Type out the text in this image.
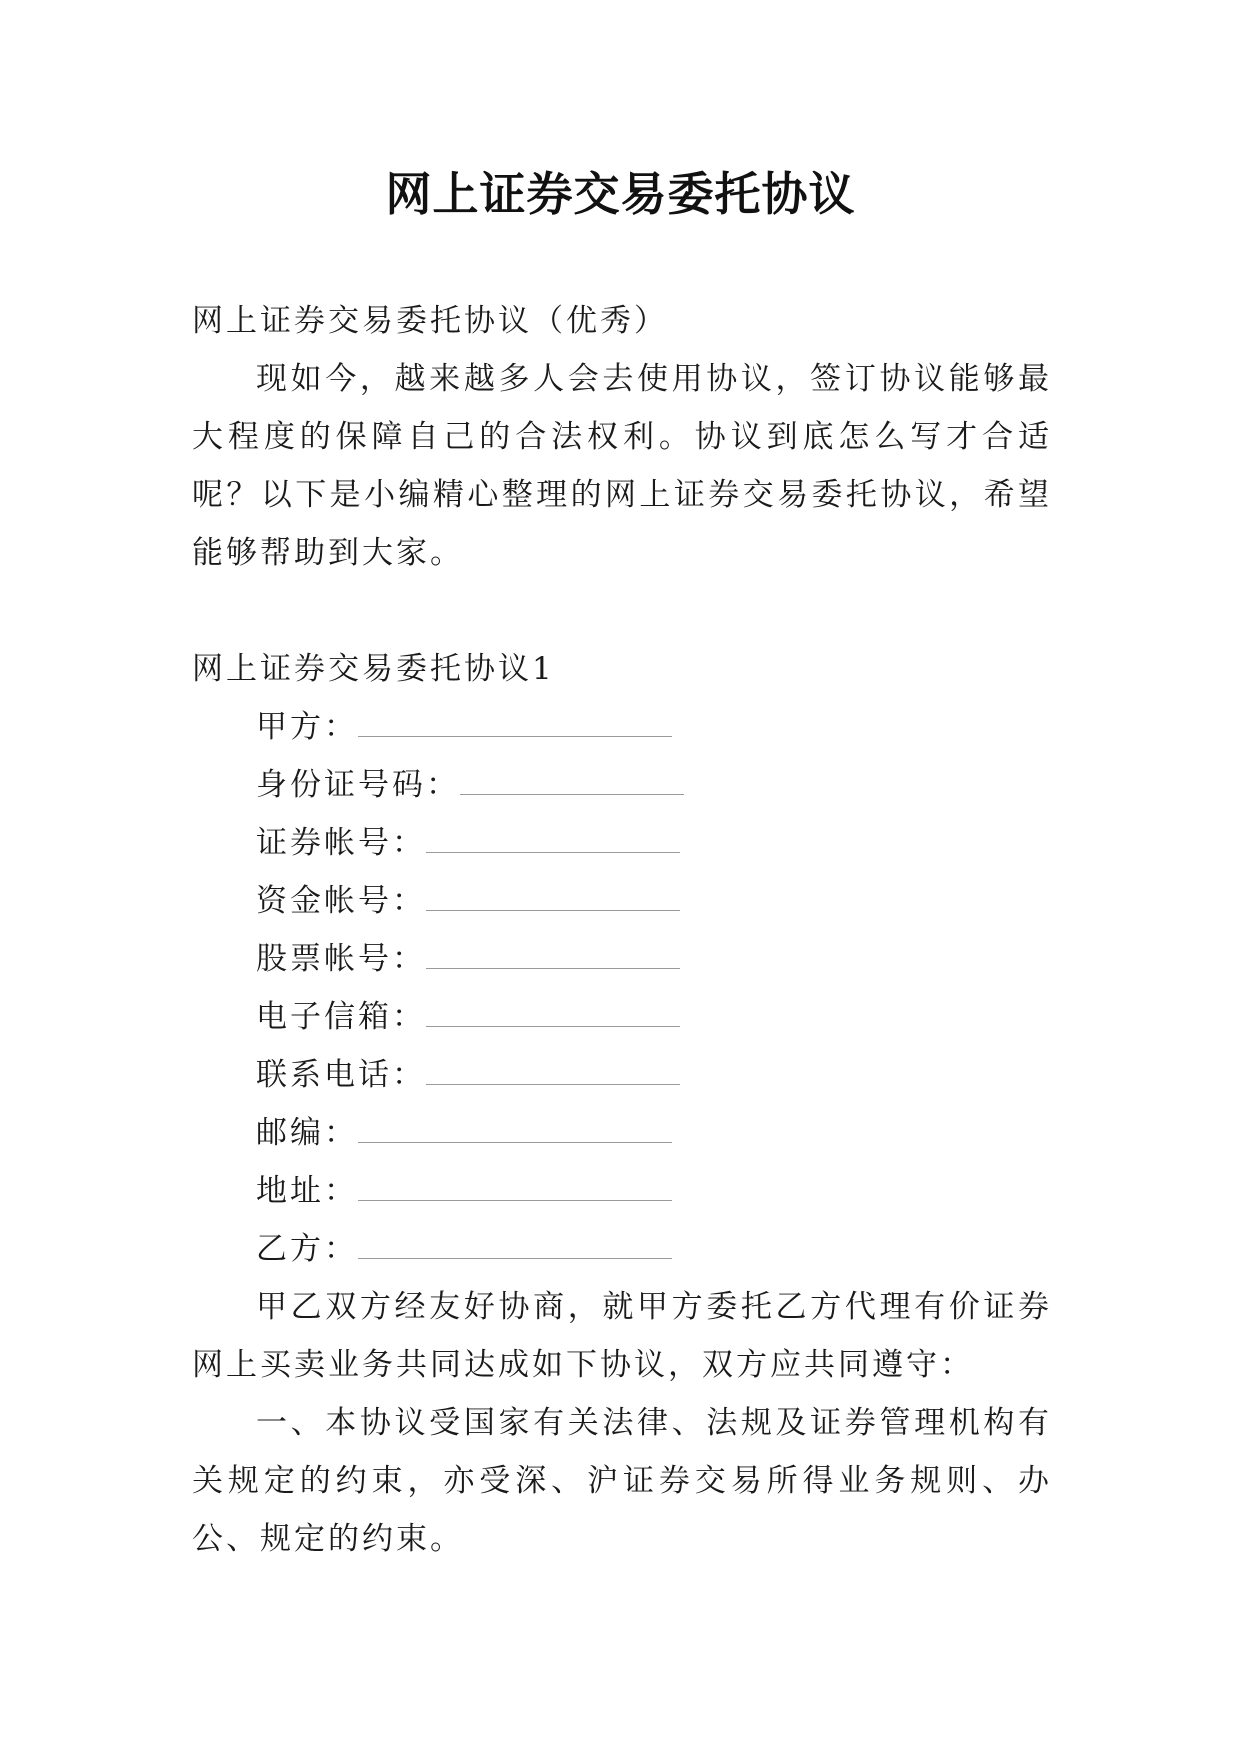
网上证券交易委托协议

网上证券交易委托协议（优秀）

现如今，越来越多人会去使用协议，签订协议能够最大程度的保障自己的合法权利。协议到底怎么写才合适呢？以下是小编精心整理的网上证券交易委托协议，希望能够帮助到大家。

网上证券交易委托协议1

甲方：

身份证号码：

证券帐号：

资金帐号：

股票帐号：

电子信箱：

联系电话：

邮编：

地址：

乙方：

甲乙双方经友好协商，就甲方委托乙方代理有价证券网上买卖业务共同达成如下协议，双方应共同遵守：

一、本协议受国家有关法律、法规及证券管理机构有关规定的约束，亦受深、沪证券交易所得业务规则、办公、规定的约束。
